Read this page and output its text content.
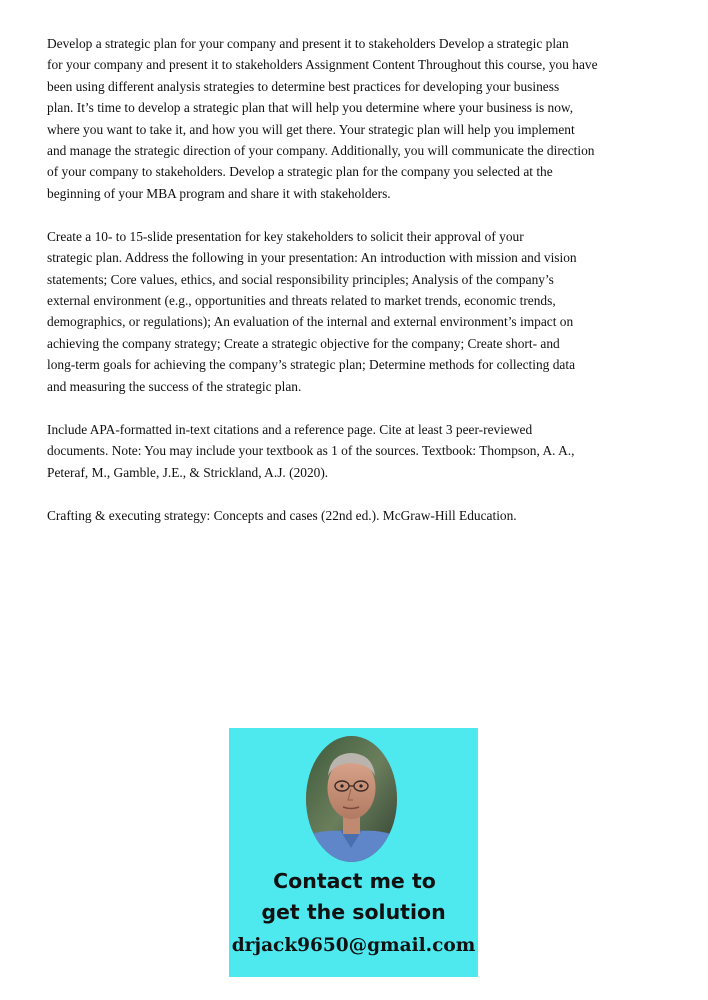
Develop a strategic plan for your company and present it to stakeholders Develop a strategic plan
for your company and present it to stakeholders Assignment Content Throughout this course, you have
been using different analysis strategies to determine best practices for developing your business
plan. It’s time to develop a strategic plan that will help you determine where your business is now,
where you want to take it, and how you will get there. Your strategic plan will help you implement
and manage the strategic direction of your company. Additionally, you will communicate the direction
of your company to stakeholders. Develop a strategic plan for the company you selected at the
beginning of your MBA program and share it with stakeholders.

Create a 10- to 15-slide presentation for key stakeholders to solicit their approval of your
strategic plan. Address the following in your presentation: An introduction with mission and vision
statements; Core values, ethics, and social responsibility principles; Analysis of the company’s
external environment (e.g., opportunities and threats related to market trends, economic trends,
demographics, or regulations); An evaluation of the internal and external environment’s impact on
achieving the company strategy; Create a strategic objective for the company; Create short- and
long-term goals for achieving the company’s strategic plan; Determine methods for collecting data
and measuring the success of the strategic plan.

Include APA-formatted in-text citations and a reference page. Cite at least 3 peer-reviewed
documents. Note: You may include your textbook as 1 of the sources. Textbook: Thompson, A. A.,
Peteraf, M., Gamble, J.E., & Strickland, A.J. (2020).

Crafting & executing strategy: Concepts and cases (22nd ed.). McGraw-Hill Education.

Contact me to
get the solution
drjack9650@gmail.com
